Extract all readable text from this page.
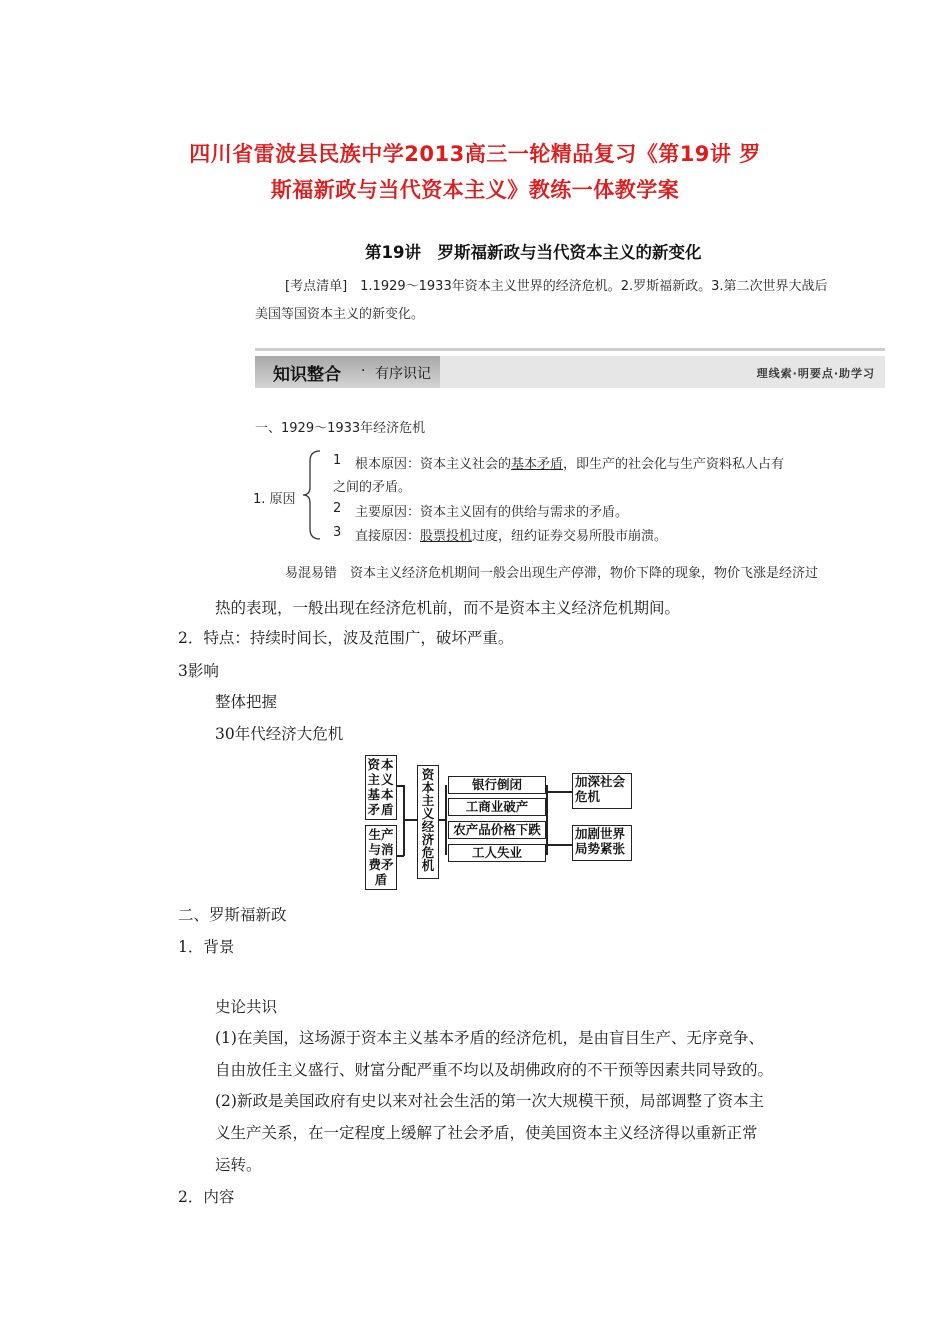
四川省雷波县民族中学2013高三一轮精品复习《第19讲 罗
斯福新政与当代资本主义》教练一体教学案
第19讲　罗斯福新政与当代资本主义的新变化
[考点清单]　1.1929～1933年资本主义世界的经济危机。2.罗斯福新政。3.第二次世界大战后
美国等国资本主义的新变化。
知识整合 · 有序识记	理线索·明要点·助学习
一、1929～1933年经济危机
1. 原因
1 根本原因：资本主义社会的基本矛盾，即生产的社会化与生产资料私人占有
之间的矛盾。
2 主要原因：资本主义固有的供给与需求的矛盾。
3 直接原因：股票投机过度，纽约证券交易所股市崩溃。
易混易错　资本主义经济危机期间一般会出现生产停滞，物价下降的现象，物价飞涨是经济过
热的表现，一般出现在经济危机前，而不是资本主义经济危机期间。
2．特点：持续时间长，波及范围广，破坏严重。
3影响
整体把握
30年代经济大危机
资本主义基本矛盾
生产与消费矛盾
资本主义经济危机
银行倒闭
工商业破产
农产品价格下跌
工人失业
加深社会危机
加剧世界局势紧张
二、罗斯福新政
1．背景
史论共识
(1)在美国，这场源于资本主义基本矛盾的经济危机，是由盲目生产、无序竞争、
自由放任主义盛行、财富分配严重不均以及胡佛政府的不干预等因素共同导致的。
(2)新政是美国政府有史以来对社会生活的第一次大规模干预，局部调整了资本主
义生产关系，在一定程度上缓解了社会矛盾，使美国资本主义经济得以重新正常
运转。
2．内容
